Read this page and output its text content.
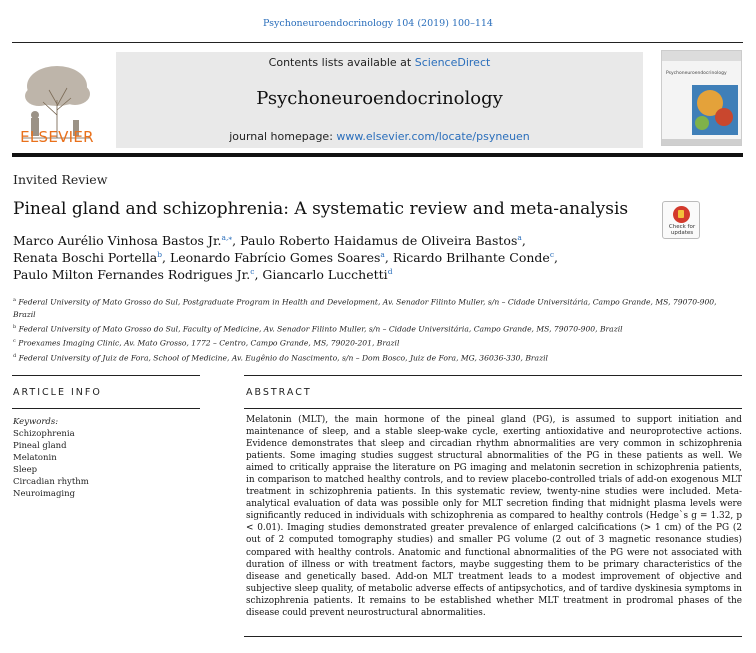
Psychoneuroendocrinology 104 (2019) 100–114
ELSEVIER
Contents lists available at ScienceDirect
Psychoneuroendocrinology
journal homepage: www.elsevier.com/locate/psyneuen
Psychoneuroendocrinology
Invited Review
Pineal gland and schizophrenia: A systematic review and meta-analysis
Check for
updates
Marco Aurélio Vinhosa Bastos Jr.$^{a,⁎}$, Paulo Roberto Haidamus de Oliveira Bastos$^a$,
Renata Boschi Portella$^b$, Leonardo Fabrício Gomes Soares$^a$, Ricardo Brilhante Conde$^c$,
Paulo Milton Fernandes Rodrigues Jr.$^c$, Giancarlo Lucchetti$^d$
$^a$ Federal University of Mato Grosso do Sul, Postgraduate Program in Health and Development, Av. Senador Filinto Muller, s/n – Cidade Universitária, Campo Grande, MS, 79070-900, Brazil
$^b$ Federal University of Mato Grosso do Sul, Faculty of Medicine, Av. Senador Filinto Muller, s/n – Cidade Universitária, Campo Grande, MS, 79070-900, Brazil
$^c$ Proexames Imaging Clinic, Av. Mato Grosso, 1772 – Centro, Campo Grande, MS, 79020-201, Brazil
$^d$ Federal University of Juiz de Fora, School of Medicine, Av. Eugênio do Nascimento, s/n – Dom Bosco, Juiz de Fora, MG, 36036-330, Brazil
ARTICLE INFO	ABSTRACT
Keywords:
Schizophrenia
Pineal gland
Melatonin
Sleep
Circadian rhythm
Neuroimaging
Melatonin (MLT), the main hormone of the pineal gland (PG), is assumed to support initiation and maintenance of sleep, and a stable sleep-wake cycle, exerting antioxidative and neuroprotective actions. Evidence demonstrates that sleep and circadian rhythm abnormalities are very common in schizophrenia patients. Some imaging studies suggest structural abnormalities of the PG in these patients as well. We aimed to critically appraise the literature on PG imaging and melatonin secretion in schizophrenia patients, in comparison to matched healthy controls, and to review placebo-controlled trials of add-on exogenous MLT treatment in schizophrenia patients. In this systematic review, twenty-nine studies were included. Meta-analytical evaluation of data was possible only for MLT secretion finding that midnight plasma levels were significantly reduced in individuals with schizophrenia as compared to healthy controls (Hedge`s g = 1.32, p < 0.01). Imaging studies demonstrated greater prevalence of enlarged calcifications (> 1 cm) of the PG (2 out of 2 computed tomography studies) and smaller PG volume (2 out of 3 magnetic resonance studies) compared with healthy controls. Anatomic and functional abnormalities of the PG were not associated with duration of illness or with treatment factors, maybe suggesting them to be primary characteristics of the disease and genetically based. Add-on MLT treatment leads to a modest improvement of objective and subjective sleep quality, of metabolic adverse effects of antipsychotics, and of tardive dyskinesia symptoms in schizophrenia patients. It remains to be established whether MLT treatment in prodromal phases of the disease could prevent neurostructural abnormalities.
